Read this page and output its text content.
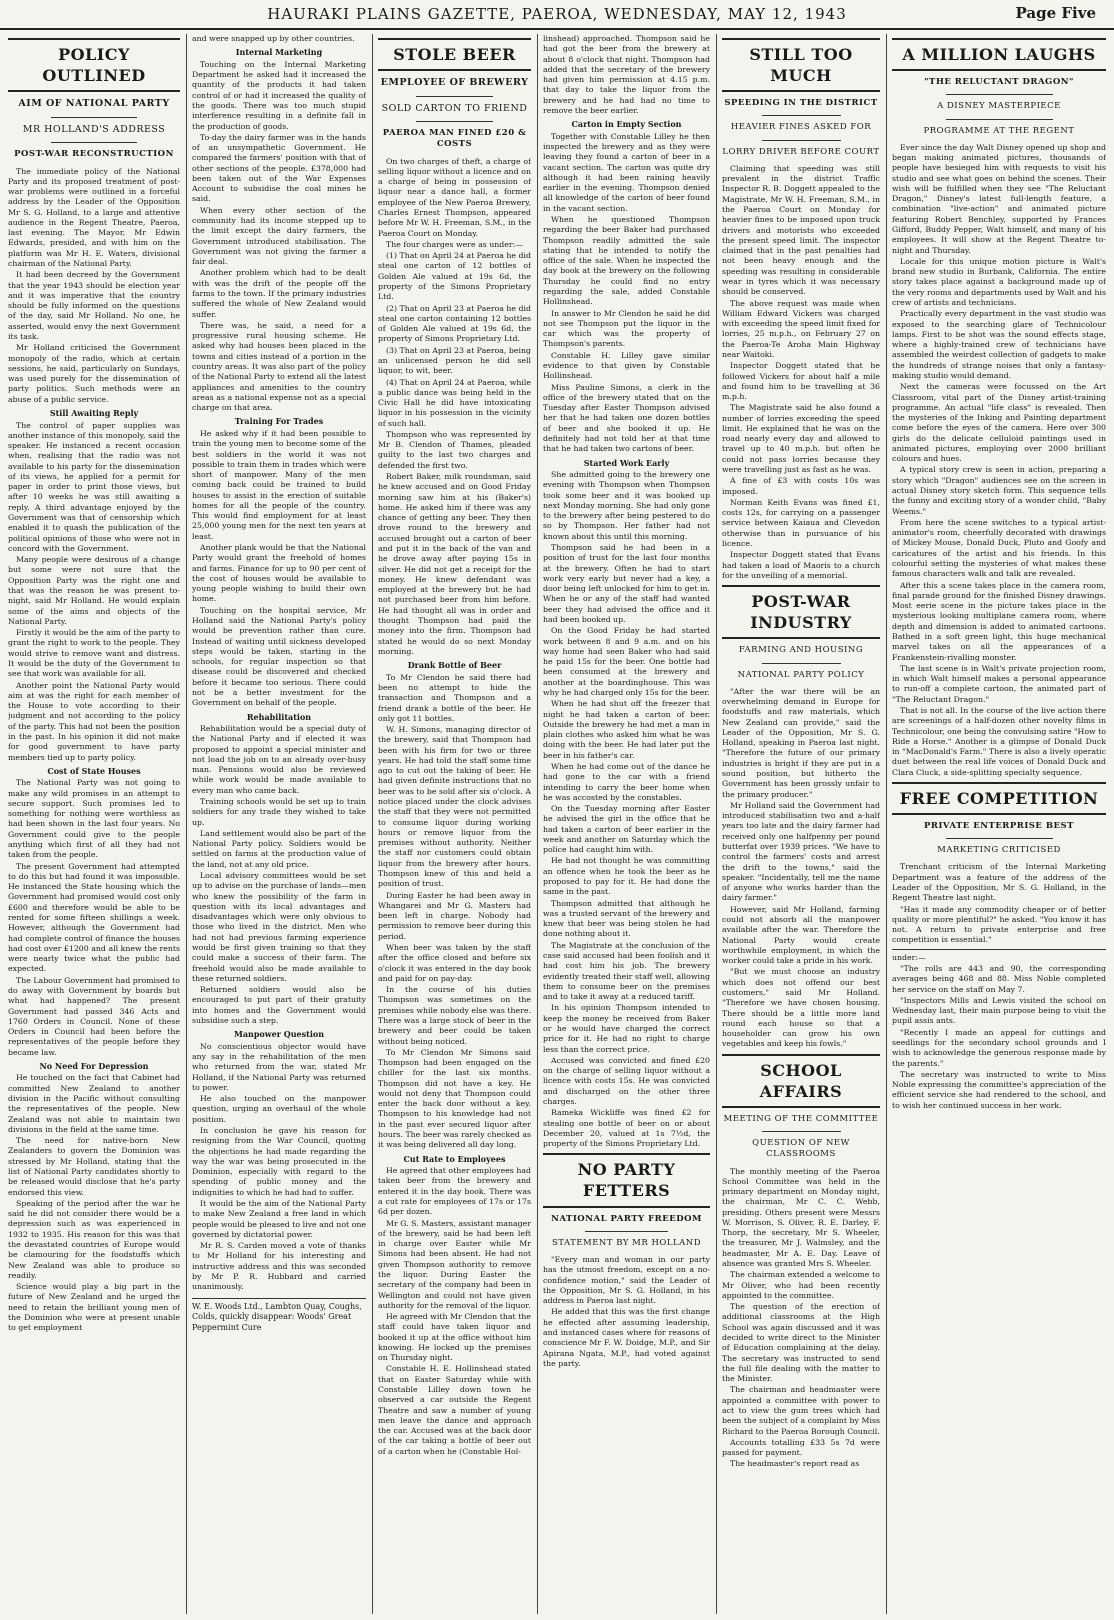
HAURAKI PLAINS GAZETTE, PAEROA, WEDNESDAY, MAY 12, 1943	Page Five
POLICY OUTLINED
AIM OF NATIONAL PARTY
MR HOLLAND'S ADDRESS
POST-WAR RECONSTRUCTION

The immediate policy of the National Party and its proposed treatment of post-war problems were outlined in a forceful address by the Leader of the Opposition Mr S. G. Holland, to a large and attentive audience in the Regent Theatre, Paeroa, last evening. The Mayor, Mr Edwin Edwards, presided, and with him on the platform was Mr H. E. Waters, divisional chairman of the National Party.

It had been decreed by the Government that the year 1943 should be election year and it was imperative that the country should be fully informed on the questions of the day, said Mr Holland. No one, he asserted, would envy the next Government its task.

Mr Holland criticised the Government monopoly of the radio, which at certain sessions, he said, particularly on Sundays, was used purely for the dissemination of party politics. Such methods were an abuse of a public service.

Still Awaiting Reply

The control of paper supplies was another instance of this monopoly, said the speaker. He instanced a recent occasion when, realising that the radio was not available to his party for the dissemination of its views, he applied for a permit for paper in order to print those views, but after 10 weeks he was still awaiting a reply. A third advantage enjoyed by the Government was that of censorship which enabled it to quash the publication of the political opinions of those who were not in concord with the Government.

Many people were desirous of a change but some were not sure that the Opposition Party was the right one and that was the reason he was present to-night, said Mr Holland. He would explain some of the aims and objects of the National Party.

Firstly it would be the aim of the party to grant the right to work to the people. They would strive to remove want and distress. It would be the duty of the Government to see that work was available for all.

Another point the National Party would aim at was the right for each member of the House to vote according to their judgment and not according to the policy of the party. This had not been the position in the past. In his opinion it did not make for good government to have party members tied up to party policy.

Cost of State Houses

The National Party was not going to make any wild promises in an attempt to secure support. Such promises led to something for nothing were worthless as had been shown in the last four years. No Government could give to the people anything which first of all they had not taken from the people.

The present Government had attempted to do this but had found it was impossible. He instanced the State housing which the Government had promised would cost only £600 and therefore would be able to be rented for some fifteen shillings a week. However, although the Government had had complete control of finance the houses had cost over £1200 and all knew the rents were nearly twice what the public had expected.

The Labour Government had promised to do away with Government by boards but what had happened? The present Government had passed 346 Acts and 1760 Orders in Council. None of these Orders in Council had been before the representatives of the people before they became law.

No Need For Depression

He touched on the fact that Cabinet had committed New Zealand to another division in the Pacific without consulting the representatives of the people. New Zealand was not able to maintain two divisions in the field at the same time.

The need for native-born New Zealanders to govern the Dominion was stressed by Mr Holland, stating that the list of National Party candidates shortly to be released would disclose that he's party endorsed this view.

Speaking of the period after the war he said he did not consider there would be a depression such as was experienced in 1932 to 1935. His reason for this was that the devastated countries of Europe would be clamouring for the foodstuffs which New Zealand was able to produce so readily.

Science would play a big part in the future of New Zealand and he urged the need to retain the brilliant young men of the Dominion who were at present unable to get employment

and were snapped up by other countries.

Internal Marketing

Touching on the Internal Marketing Department he asked had it increased the quantity of the products it had taken control of or had it increased the quality of the goods. There was too much stupid interference resulting in a definite fall in the production of goods.

To-day the dairy farmer was in the hands of an unsympathetic Government. He compared the farmers' position with that of other sections of the people. £378,000 had been taken out of the War Expenses Account to subsidise the coal mines he said.

When every other section of the community had its income stepped up to the limit except the dairy farmers, the Government introduced stabilisation. The Government was not giving the farmer a fair deal.

Another problem which had to be dealt with was the drift of the people off the farms to the town. If the primary industries suffered the whole of New Zealand would suffer.

There was, he said, a need for a progressive rural housing scheme. He asked why had houses been placed in the towns and cities instead of a portion in the country areas. It was also part of the policy of the National Party to extend all the latest appliances and amenities to the country areas as a national expense not as a special charge on that area.

Training For Trades

He asked why if it had been possible to train the young men to become some of the best soldiers in the world it was not possible to train them in trades which were short of manpower. Many of the men coming back could be trained to build houses to assist in the erection of suitable homes for all the people of the country. This would find employment for at least 25,000 young men for the next ten years at least.

Another plank would be that the National Party would grant the freehold of homes and farms. Finance for up to 90 per cent of the cost of houses would be available to young people wishing to build their own home.

Touching on the hospital service, Mr Holland said the National Party's policy would be prevention rather than cure. Instead of waiting until sickness developed steps would be taken, starting in the schools, for regular inspection so that disease could be discovered and checked before it became too serious. There could not be a better investment for the Government on behalf of the people.

Rehabilitation

Rehabilitation would be a special duty of the National Party and if elected it was proposed to appoint a special minister and not load the job on to an already over-busy man. Pensions would also be reviewed while work would be made available to every man who came back.

Training schools would be set up to train soldiers for any trade they wished to take up.

Land settlement would also be part of the National Party policy. Soldiers would be settled on farms at the production value of the land, not at any old price.

Local advisory committees would be set up to advise on the purchase of lands—men who knew the possibility of the farm in question with its local advantages and disadvantages which were only obvious to those who lived in the district. Men who had not had previous farming experience would be first given training so that they could make a success of their farm. The freehold would also be made available to these returned soldiers.

Returned soldiers would also be encouraged to put part of their gratuity into homes and the Government would subsidise such a step.

Manpower Question

No conscientious objector would have any say in the rehabilitation of the men who returned from the war, stated Mr Holland, if the National Party was returned to power.

He also touched on the manpower question, urging an overhaul of the whole position.

In conclusion he gave his reason for resigning from the War Council, quoting the objections he had made regarding the way the war was being prosecuted in the Dominion, especially with regard to the spending of public money and the indignities to which he had had to suffer.

It would be the aim of the National Party to make New Zealand a free land in which people would be pleased to live and not one governed by dictatorial power.

Mr R. S. Carden moved a vote of thanks to Mr Holland for his interesting and instructive address and this was seconded by Mr P. R. Hubbard and carried unanimously.

W. E. Woods Ltd., Lambton Quay, Coughs, Colds, quickly disappear: Woods' Great Peppermint Cure
STOLE BEER
EMPLOYEE OF BREWERY
SOLD CARTON TO FRIEND
PAEROA MAN FINED £20 & COSTS

On two charges of theft, a charge of selling liquor without a licence and on a charge of being in possession of liquor near a dance hall, a former employee of the New Paeroa Brewery, Charles Ernest Thompson, appeared before Mr W. H. Freeman, S.M., in the Paeroa Court on Monday.

The four charges were as under:—

(1) That on April 24 at Paeroa he did steal one carton of 12 bottles of Golden Ale valued at 19s 6d, the property of the Simons Proprietary Ltd.

(2) That on April 23 at Paeroa he did steal one carton containing 12 bottles of Golden Ale valued at 19s 6d, the property of Simons Proprietary Ltd.

(3) That on April 23 at Paeroa, being an unlicensed person he did sell liquor, to wit, beer.

(4) That on April 24 at Paeroa, while a public dance was being held in the Civic Hall he did have intoxicating liquor in his possession in the vicinity of such hall.

Thompson who was represented by Mr B. Clendon of Thames, pleaded guilty to the last two charges and defended the first two.

Robert Baker, milk roundsman, said he knew accused and on Good Friday morning saw him at his (Baker's) home. He asked him if there was any chance of getting any beer. They then drove round to the brewery and accused brought out a carton of beer and put it in the back of the van and he drove away after paying 15s in silver. He did not get a receipt for the money. He knew defendant was employed at the brewery but he had not purchased beer from him before. He had thought all was in order and thought Thompson had paid the money into the firm. Thompson had stated he would do so next Monday morning.

Drank Bottle of Beer

To Mr Clendon he said there had been no attempt to hide the transaction and Thompson and a friend drank a bottle of the beer. He only got 11 bottles.

W. H. Simons, managing director of the brewery, said that Thompson had been with his firm for two or three years. He had told the staff some time ago to cut out the taking of beer. He had given definite instructions that no beer was to be sold after six o'clock. A notice placed under the clock advises the staff that they were not permitted to consume liquor during working hours or remove liquor from the premises without authority. Neither the staff nor customers could obtain liquor from the brewery after hours. Thompson knew of this and held a position of trust.

During Easter he had been away in Whangarei and Mr G. Masters had been left in charge. Nobody had permission to remove beer during this period.

When beer was taken by the staff after the office closed and before six o'clock it was entered in the day book and paid for on pay-day.

In the course of his duties Thompson was sometimes on the premises while nobody else was there. There was a large stock of beer in the brewery and beer could be taken without being noticed.

To Mr Clendon Mr Simons said Thompson had been engaged on the chiller for the last six months. Thompson did not have a key. He would not deny that Thompson could enter the back door without a key. Thompson to his knowledge had not in the past ever secured liquor after hours. The beer was rarely checked as it was being delivered all day long.

Cut Rate to Employees

He agreed that other employees had taken beer from the brewery and entered it in the day book. There was a cut rate for employees of 17s or 17s 6d per dozen.

Mr G. S. Masters, assistant manager of the brewery, said he had been left in charge over Easter while Mr Simons had been absent. He had not given Thompson authority to remove the liquor. During Easter the secretary of the company had been in Wellington and could not have given authority for the removal of the liquor.

He agreed with Mr Clendon that the staff could have taken liquor and booked it up at the office without him knowing. He locked up the premises on Thursday night.

Constable H. E. Hollinshead stated that on Easter Saturday while with Constable Lilley down town he observed a car outside the Regent Theatre and saw a number of young men leave the dance and approach the car. Accused was at the back door of the car taking a bottle of beer out of a carton when he (Constable Hol-

linshead) approached. Thompson said he had got the beer from the brewery at about 8 o'clock that night. Thompson had added that the secretary of the brewery had given him permission at 4.15 p.m. that day to take the liquor from the brewery and he had had no time to remove the beer earlier.

Carton in Empty Section

Together with Constable Lilley he then inspected the brewery and as they were leaving they found a carton of beer in a vacant section. The carton was quite dry although it had been raining heavily earlier in the evening. Thompson denied all knowledge of the carton of beer found in the vacant section.

When he questioned Thompson regarding the beer Baker had purchased Thompson readily admitted the sale stating that he intended to notify the office of the sale. When he inspected the day book at the brewery on the following Thursday he could find no entry regarding the sale, added Constable Hollinshead.

In answer to Mr Clendon he said he did not see Thompson put the liquor in the car which was the property of Thompson's parents.

Constable H. Lilley gave similar evidence to that given by Constable Hollinshead.

Miss Pauline Simons, a clerk in the office of the brewery stated that on the Tuesday after Easter Thompson advised her that he had taken one dozen bottles of beer and she booked it up. He definitely had not told her at that time that he had taken two cartons of beer.

Started Work Early

She admitted going to the brewery one evening with Thompson when Thompson took some beer and it was booked up next Monday morning. She had only gone to the brewery after being pestered to do so by Thompson. Her father had not known about this until this morning.

Thompson said he had been in a position of trust for the last four months at the brewery. Often he had to start work very early but never had a key, a door being left unlocked for him to get in. When he or any of the staff had wanted beer they had advised the office and it had been booked up.

On the Good Friday he had started work between 8 and 9 a.m. and on his way home had seen Baker who had said he paid 15s for the beer. One bottle had been consumed at the brewery and another at the boardinghouse. This was why he had charged only 15s for the beer.

When he had shut off the freezer that night he had taken a carton of beer. Outside the brewery he had met a man in plain clothes who asked him what he was doing with the beer. He had later put the beer in his father's car.

When he had come out of the dance he had gone to the car with a friend intending to carry the beer home when he was accosted by the constables.

On the Tuesday morning after Easter he advised the girl in the office that he had taken a carton of beer earlier in the week and another on Saturday which the police had caught him with.

He had not thought he was committing an offence when he took the beer as he proposed to pay for it. He had done the same in the past.

Thompson admitted that although he was a trusted servant of the brewery and knew that beer was being stolen he had done nothing about it.

The Magistrate at the conclusion of the case said accused had been foolish and it had cost him his job. The brewery evidently treated their staff well, allowing them to consume beer on the premises and to take it away at a reduced tariff.

In his opinion Thompson intended to keep the money he received from Baker or he would have charged the correct price for it. He had no right to charge less than the correct price.

Accused was convicted and fined £20 on the charge of selling liquor without a licence with costs 15s. He was convicted and discharged on the other three charges.

Rameka Wickliffe was fined £2 for stealing one bottle of beer on or about December 20, valued at 1s 7½d, the property of the Simons Proprietary Ltd.

NO PARTY FETTERS
NATIONAL PARTY FREEDOM
STATEMENT BY MR HOLLAND

"Every man and woman in our party has the utmost freedom, except on a no-confidence motion," said the Leader of the Opposition, Mr S. G. Holland, in his address in Paeroa last night.

He added that this was the first change he effected after assuming leadership, and instanced cases where for reasons of conscience Mr F. W. Doidge, M.P., and Sir Apirana Ngata, M.P., had voted against the party.

STILL TOO MUCH
SPEEDING IN THE DISTRICT
HEAVIER FINES ASKED FOR
LORRY DRIVER BEFORE COURT

Claiming that speeding was still prevalent in the district Traffic Inspector R. B. Doggett appealed to the Magistrate, Mr W. H. Freeman, S.M., in the Paeroa Court on Monday for heavier fines to be imposed upon truck drivers and motorists who exceeded the present speed limit. The inspector claimed that in the past penalties had not been heavy enough and the speeding was resulting in considerable wear in tyres which it was necessary should be conserved.

The above request was made when William Edward Vickers was charged with exceeding the speed limit fixed for lorries, 25 m.p.h., on February 27 on the Paeroa-Te Aroha Main Highway near Waitoki.

Inspector Doggett stated that he followed Vickers for about half a mile and found him to be travelling at 36 m.p.h.

The Magistrate said he also found a number of lorries exceeding the speed limit. He explained that he was on the road nearly every day and allowed to travel up to 40 m.p.h. but often he could not pass lorries because they were travelling just as fast as he was.

A fine of £3 with costs 10s was imposed.

Norman Keith Evans was fined £1, costs 12s, for carrying on a passenger service between Kaiaua and Clevedon otherwise than in pursuance of his licence.

Inspector Doggett stated that Evans had taken a load of Maoris to a church for the unveiling of a memorial.

POST-WAR INDUSTRY
FARMING AND HOUSING
NATIONAL PARTY POLICY

"After the war there will be an overwhelming demand in Europe for foodstuffs and raw materials, which New Zealand can provide," said the Leader of the Opposition, Mr S. G. Holland, speaking in Paeroa last night. "Therefore the future of our primary industries is bright if they are put in a sound position, but hitherto the Government has been grossly unfair to the primary producer."

Mr Holland said the Government had introduced stabilisation two and a-half years too late and the dairy farmer had received only one halfpenny per pound butterfat over 1939 prices. "We have to control the farmers' costs and arrest the drift to the towns," said the speaker. "Incidentally, tell me the name of anyone who works harder than the dairy farmer."

However, said Mr Holland, farming could not absorb all the manpower available after the war. Therefore the National Party would create worthwhile employment, in which the worker could take a pride in his work.

"But we must choose an industry which does not offend our best customers," said Mr Holland. "Therefore we have chosen housing. There should be a little more land round each house so that a householder can grow his own vegetables and keep his fowls."

SCHOOL AFFAIRS
MEETING OF THE COMMITTEE
QUESTION OF NEW CLASSROOMS

The monthly meeting of the Paeroa School Committee was held in the primary department on Monday night, the chairman, Mr C. C. Webb, presiding. Others present were Messrs W. Morrison, S. Oliver, R. E. Darley, F. Thorp, the secretary, Mr S. Wheeler, the treasurer, Mr J. Walmsley, and the headmaster, Mr A. E. Day. Leave of absence was granted Mrs S. Wheeler.

The chairman extended a welcome to Mr Oliver, who had been recently appointed to the committee.

The question of the erection of additional classrooms at the High School was again discussed and it was decided to write direct to the Minister of Education complaining at the delay. The secretary was instructed to send the full file dealing with the matter to the Minister.

The chairman and headmaster were appointed a committee with power to act to view the gum trees which had been the subject of a complaint by Miss Richard to the Paeroa Borough Council.

Accounts totalling £33 5s 7d were passed for payment.

The headmaster's report read as

A MILLION LAUGHS
"THE RELUCTANT DRAGON"
A DISNEY MASTERPIECE
PROGRAMME AT THE REGENT

Ever since the day Walt Disney opened up shop and began making animated pictures, thousands of people have besieged him with requests to visit his studio and see what goes on behind the scenes. Their wish will be fulfilled when they see "The Reluctant Dragon," Disney's latest full-length feature, a combination "live-action" and animated picture featuring Robert Benchley, supported by Frances Gifford, Buddy Pepper, Walt himself, and many of his employees. It will show at the Regent Theatre to-night and Thursday.

Locale for this unique motion picture is Walt's brand new studio in Burbank, California. The entire story takes place against a background made up of the very rooms and departments used by Walt and his crew of artists and technicians.

Practically every department in the vast studio was exposed to the searching glare of Technicolour lamps. First to be shot was the sound effects stage, where a highly-trained crew of technicians have assembled the weirdest collection of gadgets to make the hundreds of strange noises that only a fantasy-making studio would demand.

Next the cameras were focussed on the Art Classroom, vital part of the Disney artist-training programme. An actual "life class" is revealed. Then the mysteries of the Inking and Painting department come before the eyes of the camera. Here over 300 girls do the delicate celluloid paintings used in animated pictures, employing over 2000 brilliant colours and hues.

A typical story crew is seen in action, preparing a story which "Dragon" audiences see on the screen in actual Disney story sketch form. This sequence tells the funny and exciting story of a wonder child, "Baby Weems."

From here the scene switches to a typical artist-animator's room, cheerfully decorated with drawings of Mickey Mouse, Donald Duck, Pluto and Goofy and caricatures of the artist and his friends. In this colourful setting the mysteries of what makes these famous characters walk and talk are revealed.

After this a scene takes place in the camera room, final parade ground for the finished Disney drawings. Most eerie scene in the picture takes place in the mysterious looking multiplane camera room, where depth and dimension is added to animated cartoons. Bathed in a soft green light, this huge mechanical marvel takes on all the appearances of a Frankenstein-rivalling monster.

The last scene is in Walt's private projection room, in which Walt himself makes a personal appearance to run-off a complete cartoon, the animated part of "The Reluctant Dragon."

That is not all. In the course of the live action there are screenings of a half-dozen other novelty films in Technicolour, one being the convulsing satire "How to Ride a Horse." Another is a glimpse of Donald Duck in "MacDonald's Farm." There is also a lively operatic duet between the real life voices of Donald Duck and Clara Cluck, a side-splitting specialty sequence.

FREE COMPETITION
PRIVATE ENTERPRISE BEST
MARKETING CRITICISED

Trenchant criticism of the Internal Marketing Department was a feature of the address of the Leader of the Opposition, Mr S. G. Holland, in the Regent Theatre last night.

"Has it made any commodity cheaper or of better quality or more plentiful?" he asked. "You know it has not. A return to private enterprise and free competition is essential."

under:—

"The rolls are 443 and 90, the corresponding averages being 468 and 88. Miss Noble completed her service on the staff on May 7.

"Inspectors Mills and Lewis visited the school on Wednesday last, their main purpose being to visit the pupil assis ants.

"Recently I made an appeal for cuttings and seedlings for the secondary school grounds and I wish to acknowledge the generous response made by the parents."

The secretary was instructed to write to Miss Noble expressing the committee's appreciation of the efficient service she had rendered to the school, and to wish her continued success in her work.
